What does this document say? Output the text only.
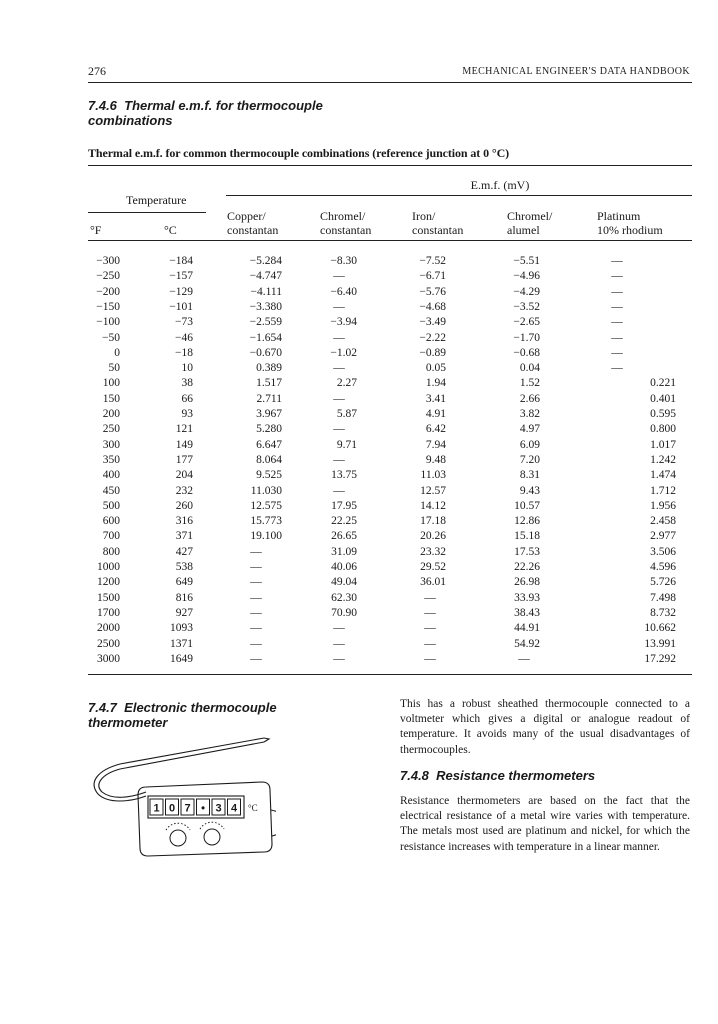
276	MECHANICAL ENGINEER'S DATA HANDBOOK
7.4.6 Thermal e.m.f. for thermocouple
combinations
Thermal e.m.f. for common thermocouple combinations (reference junction at 0 °C)
E.m.f. (mV)
Temperature
°F	°C
Copper/
constantan
Chromel/
constantan
Iron/
constantan
Chromel/
alumel
Platinum
10% rhodium
−300	−184	−5.284	−8.30	−7.52	−5.51	—
−250	−157	−4.747	—	−6.71	−4.96	—
−200	−129	−4.111	−6.40	−5.76	−4.29	—
−150	−101	−3.380	—	−4.68	−3.52	—
−100	−73	−2.559	−3.94	−3.49	−2.65	—
−50	−46	−1.654	—	−2.22	−1.70	—
0	−18	−0.670	−1.02	−0.89	−0.68	—
50	10	0.389	—	0.05	0.04	—
100	38	1.517	2.27	1.94	1.52	0.221
150	66	2.711	—	3.41	2.66	0.401
200	93	3.967	5.87	4.91	3.82	0.595
250	121	5.280	—	6.42	4.97	0.800
300	149	6.647	9.71	7.94	6.09	1.017
350	177	8.064	—	9.48	7.20	1.242
400	204	9.525	13.75	11.03	8.31	1.474
450	232	11.030	—	12.57	9.43	1.712
500	260	12.575	17.95	14.12	10.57	1.956
600	316	15.773	22.25	17.18	12.86	2.458
700	371	19.100	26.65	20.26	15.18	2.977
800	427	—	31.09	23.32	17.53	3.506
1000	538	—	40.06	29.52	22.26	4.596
1200	649	—	49.04	36.01	26.98	5.726
1500	816	—	62.30	—	33.93	7.498
1700	927	—	70.90	—	38.43	8.732
2000	1093	—	—	—	44.91	10.662
2500	1371	—	—	—	54.92	13.991
3000	1649	—	—	—	—	17.292
7.4.7 Electronic thermocouple
thermometer
1 0 7 • 3 4 °C
This has a robust sheathed thermocouple connected to a voltmeter which gives a digital or analogue readout of temperature. It avoids many of the usual disadvantages of thermocouples.
7.4.8 Resistance thermometers
Resistance thermometers are based on the fact that the electrical resistance of a metal wire varies with temperature. The metals most used are platinum and nickel, for which the resistance increases with temperature in a linear manner.
